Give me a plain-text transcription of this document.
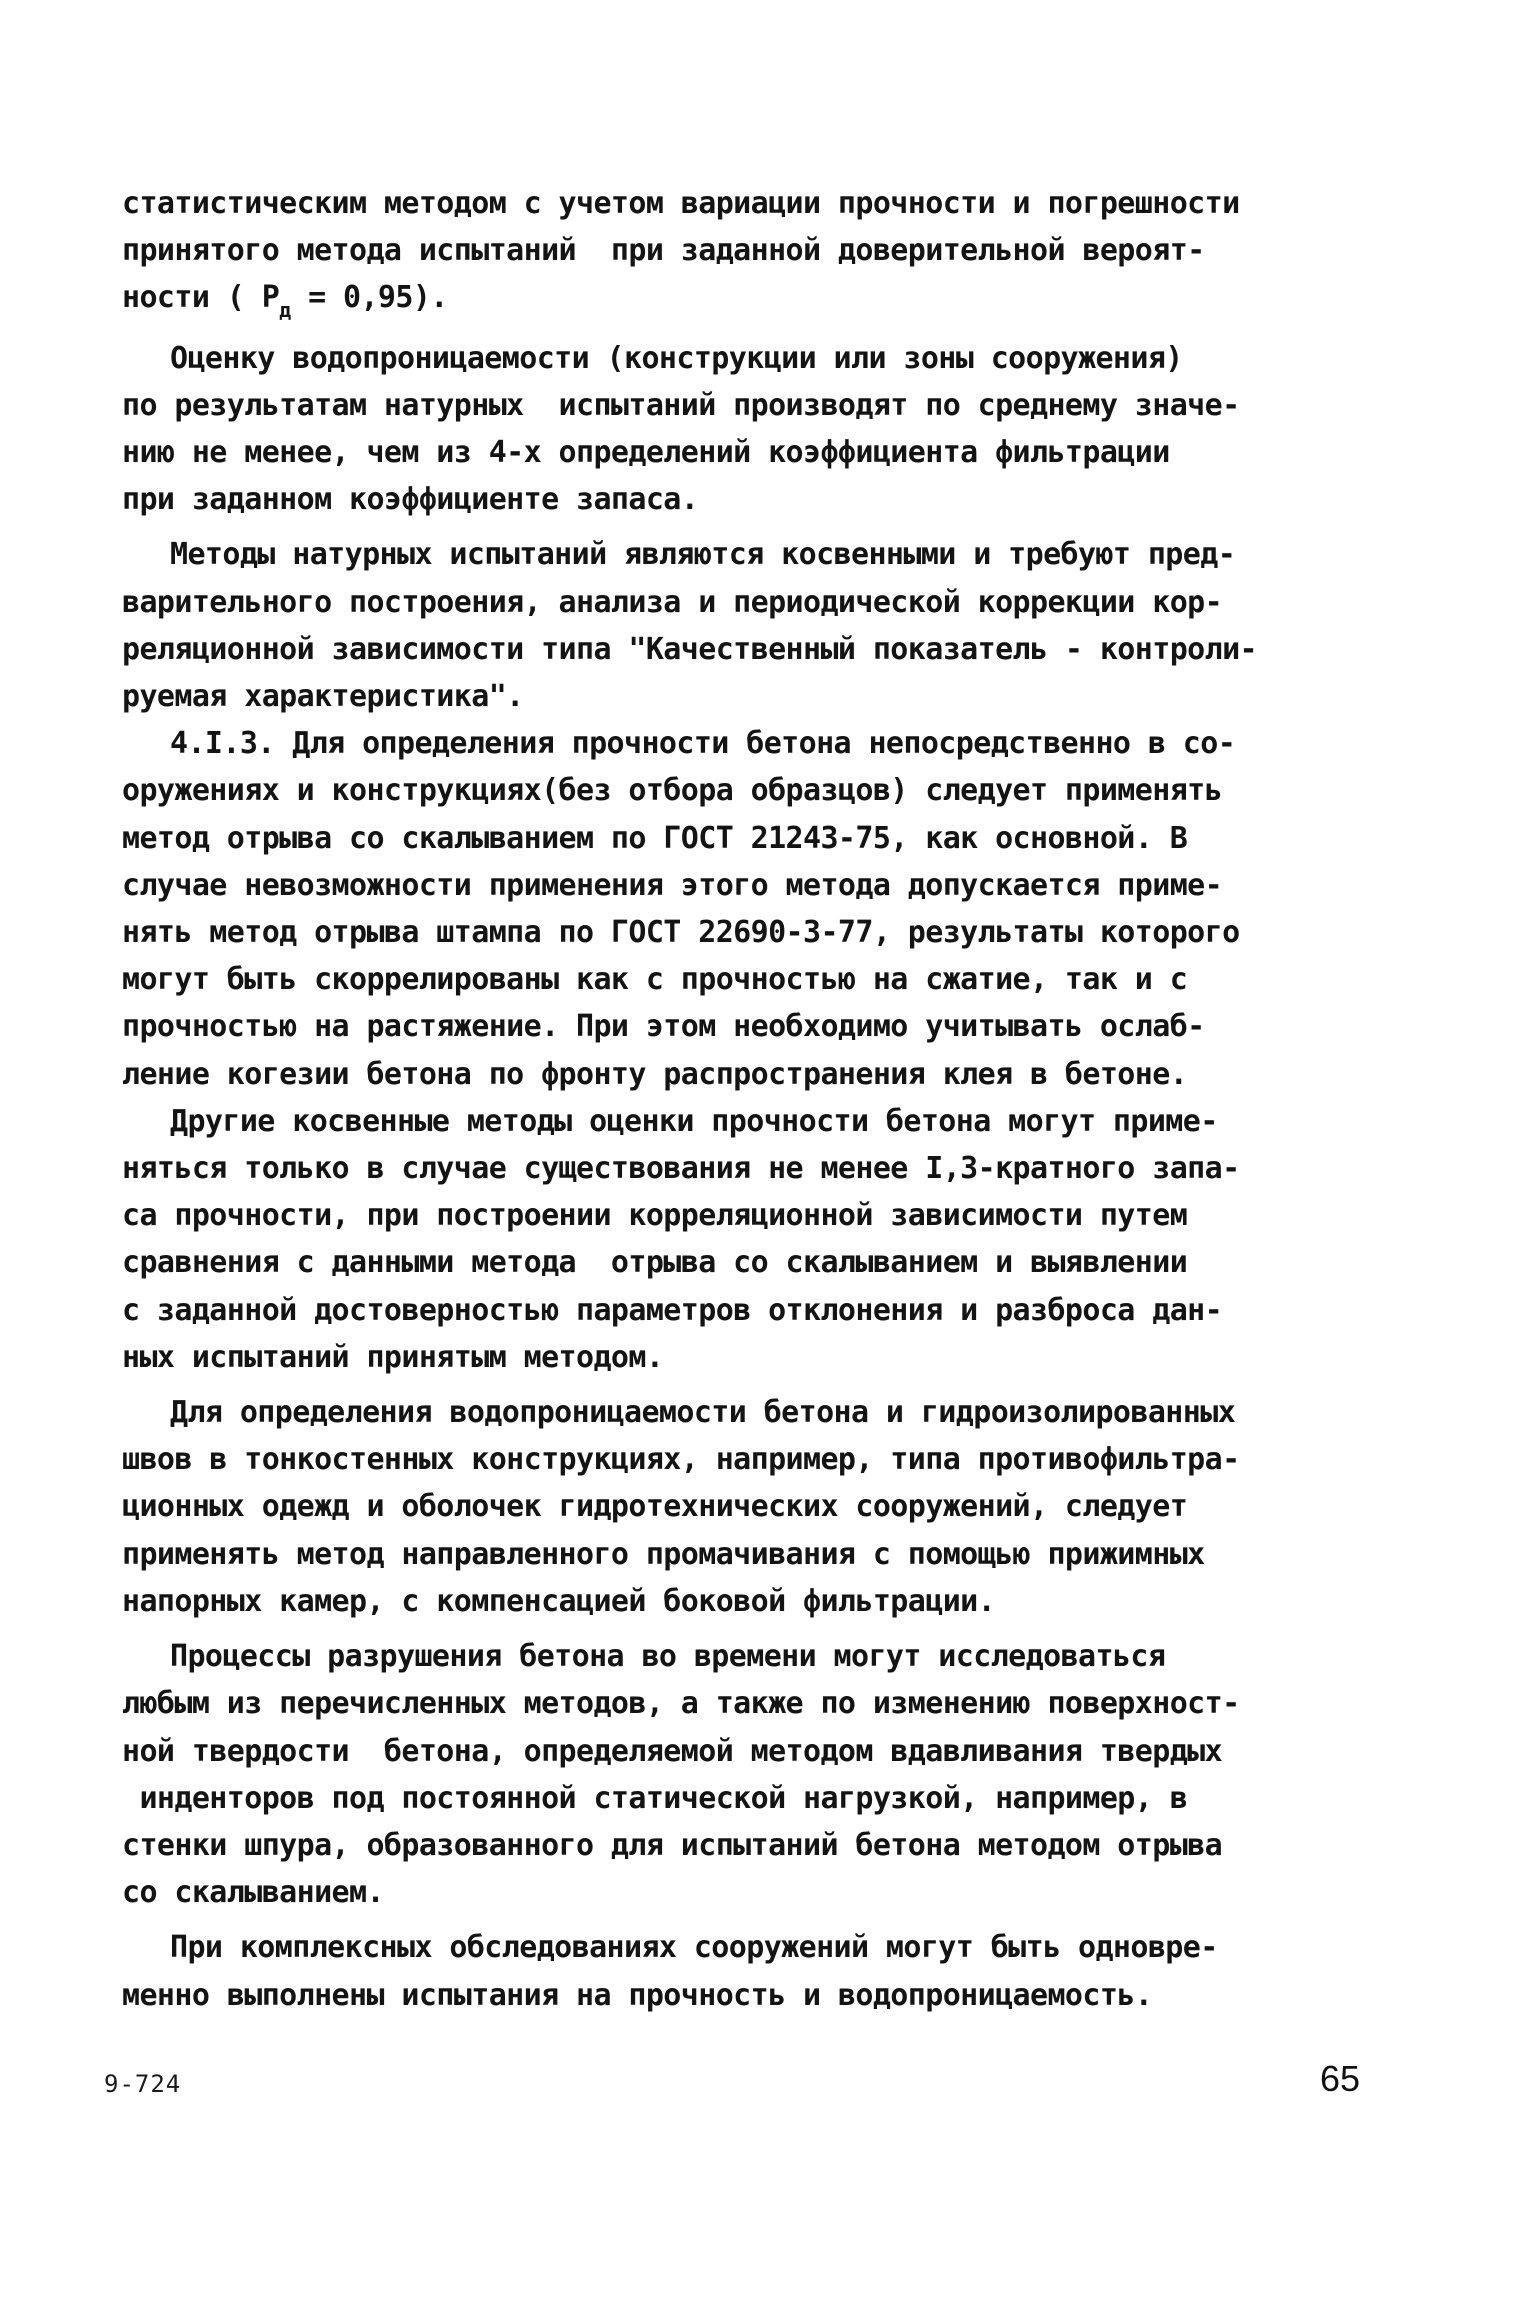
статистическим методом с учетом вариации прочности и погрешности
принятого метода испытаний  при заданной доверительной вероят-
ности ( $P_д = 0,95$).
Оценку водопроницаемости (конструкции или зоны сооружения)
по результатам натурных  испытаний производят по среднему значе-
нию не менее, чем из 4-х определений коэффициента фильтрации
при заданном коэффициенте запаса.
Методы натурных испытаний являются косвенными и требуют пред-
варительного построения, анализа и периодической коррекции кор-
реляционной зависимости типа "Качественный показатель - контроли-
руемая характеристика".
4.I.3. Для определения прочности бетона непосредственно в со-
оружениях и конструкциях(без отбора образцов) следует применять
метод отрыва со скалыванием по ГОСТ 21243-75, как основной. В
случае невозможности применения этого метода допускается приме-
нять метод отрыва штампа по ГОСТ 22690-3-77, результаты которого
могут быть скоррелированы как с прочностью на сжатие, так и с
прочностью на растяжение. При этом необходимо учитывать ослаб-
ление когезии бетона по фронту распространения клея в бетоне.
Другие косвенные методы оценки прочности бетона могут приме-
няться только в случае существования не менее I,3-кратного запа-
са прочности, при построении корреляционной зависимости путем
сравнения с данными метода  отрыва со скалыванием и выявлении
с заданной достоверностью параметров отклонения и разброса дан-
ных испытаний принятым методом.
Для определения водопроницаемости бетона и гидроизолированных
швов в тонкостенных конструкциях, например, типа противофильтра-
ционных одежд и оболочек гидротехнических сооружений, следует
применять метод направленного промачивания с помощью прижимных
напорных камер, с компенсацией боковой фильтрации.
Процессы разрушения бетона во времени могут исследоваться
любым из перечисленных методов, а также по изменению поверхност-
ной твердости  бетона, определяемой методом вдавливания твердых
инденторов под постоянной статической нагрузкой, например, в
стенки шпура, образованного для испытаний бетона методом отрыва
со скалыванием.
При комплексных обследованиях сооружений могут быть одновре-
менно выполнены испытания на прочность и водопроницаемость.
9-724	65
